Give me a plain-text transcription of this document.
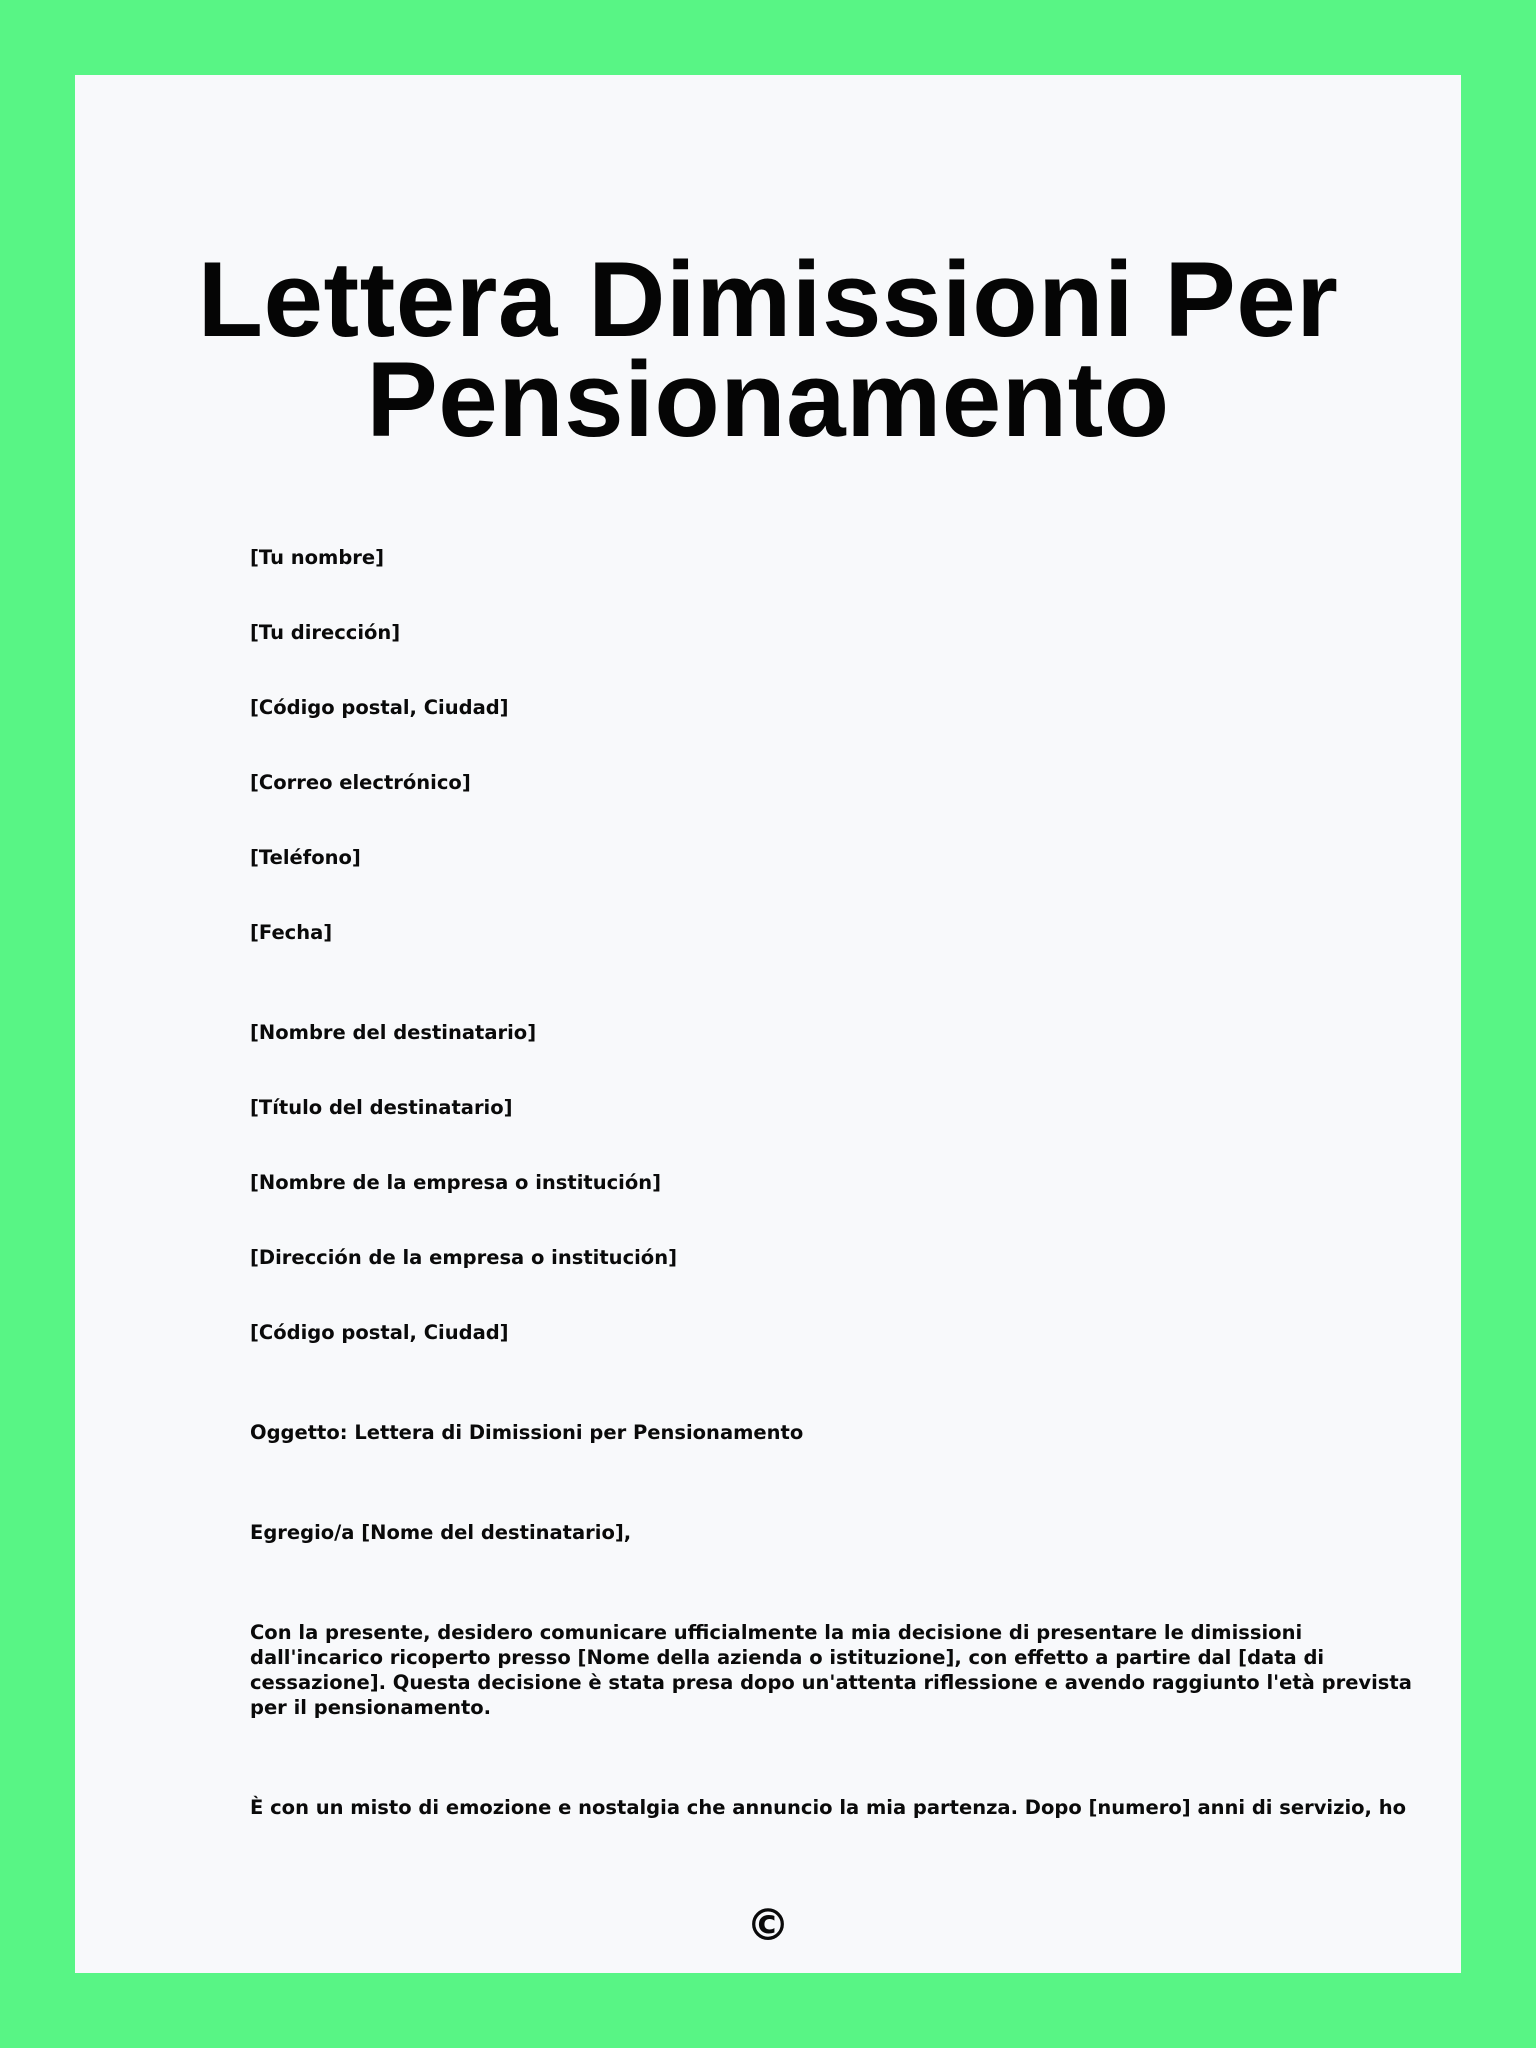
Lettera Dimissioni Per
Pensionamento

[Tu nombre]

[Tu dirección]

[Código postal, Ciudad]

[Correo electrónico]

[Teléfono]

[Fecha]

[Nombre del destinatario]

[Título del destinatario]

[Nombre de la empresa o institución]

[Dirección de la empresa o institución]

[Código postal, Ciudad]

Oggetto: Lettera di Dimissioni per Pensionamento

Egregio/a [Nome del destinatario],

Con la presente, desidero comunicare ufficialmente la mia decisione di presentare le dimissioni
dall'incarico ricoperto presso [Nome della azienda o istituzione], con effetto a partire dal [data di
cessazione]. Questa decisione è stata presa dopo un'attenta riflessione e avendo raggiunto l'età prevista
per il pensionamento.
È con un misto di emozione e nostalgia che annuncio la mia partenza. Dopo [numero] anni di servizio, ho
©
